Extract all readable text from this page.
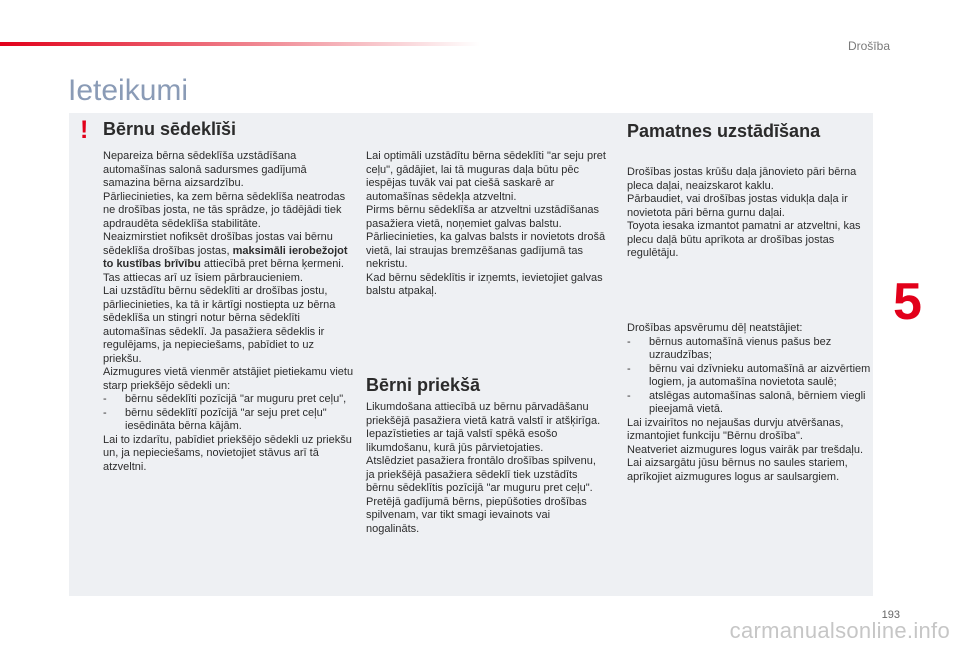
Drošība
Ieteikumi
! Bērnu sēdeklīši

Nepareiza bērna sēdeklīša uzstādīšana automašīnas salonā sadursmes gadījumā samazina bērna aizsardzību.

Pārliecinieties, ka zem bērna sēdeklīša neatrodas ne drošības josta, ne tās sprādze, jo tādējādi tiek apdraudēta sēdeklīša stabilitāte.

Neaizmirstiet nofiksēt drošības jostas vai bērnu sēdeklīša drošības jostas, maksimāli ierobežojot to kustības brīvību attiecībā pret bērna ķermeni. Tas attiecas arī uz īsiem pārbraucieniem.

Lai uzstādītu bērnu sēdeklīti ar drošības jostu, pārliecinieties, ka tā ir kārtīgi nostiepta uz bērna sēdeklīša un stingri notur bērna sēdeklīti automašīnas sēdeklī. Ja pasažiera sēdeklis ir regulējams, ja nepieciešams, pabīdiet to uz priekšu.

Aizmugures vietā vienmēr atstājiet pietiekamu vietu starp priekšējo sēdekli un:

- bērnu sēdeklīti pozīcijā "ar muguru pret ceļu",

- bērnu sēdeklītī pozīcijā "ar seju pret ceļu" iesēdināta bērna kājām.

Lai to izdarītu, pabīdiet priekšējo sēdekli uz priekšu un, ja nepieciešams, novietojiet stāvus arī tā atzveltni.

Lai optimāli uzstādītu bērna sēdeklīti "ar seju pret ceļu", gādājiet, lai tā muguras daļa būtu pēc iespējas tuvāk vai pat ciešā saskarē ar automašīnas sēdekļa atzveltni.

Pirms bērnu sēdeklīša ar atzveltni uzstādīšanas pasažiera vietā, noņemiet galvas balstu.

Pārliecinieties, ka galvas balsts ir novietots drošā vietā, lai straujas bremzēšanas gadījumā tas nekristu.

Kad bērnu sēdeklītis ir izņemts, ievietojiet galvas balstu atpakaļ.

Bērni priekšā

Likumdošana attiecībā uz bērnu pārvadāšanu priekšējā pasažiera vietā katrā valstī ir atšķirīga. Iepazīstieties ar tajā valstī spēkā esošo likumdošanu, kurā jūs pārvietojaties.

Atslēdziet pasažiera frontālo drošības spilvenu, ja priekšējā pasažiera sēdeklī tiek uzstādīts bērnu sēdeklītis pozīcijā "ar muguru pret ceļu". Pretējā gadījumā bērns, piepūšoties drošības spilvenam, var tikt smagi ievainots vai nogalināts.

Pamatnes uzstādīšana

Drošības jostas krūšu daļa jānovieto pāri bērna pleca daļai, neaizskarot kaklu.

Pārbaudiet, vai drošības jostas vidukļa daļa ir novietota pāri bērna gurnu daļai.

Toyota iesaka izmantot pamatni ar atzveltni, kas plecu daļā būtu aprīkota ar drošības jostas regulētāju.

Drošības apsvērumu dēļ neatstājiet:

- bērnus automašīnā vienus pašus bez uzraudzības;

- bērnu vai dzīvnieku automašīnā ar aizvērtiem logiem, ja automašīna novietota saulē;

- atslēgas automašīnas salonā, bērniem viegli pieejamā vietā.

Lai izvairītos no nejaušas durvju atvēršanas, izmantojiet funkciju "Bērnu drošība".

Neatveriet aizmugures logus vairāk par trešdaļu.

Lai aizsargātu jūsu bērnus no saules stariem, aprīkojiet aizmugures logus ar saulsargiem.

5
193
carmanualsonline.info
